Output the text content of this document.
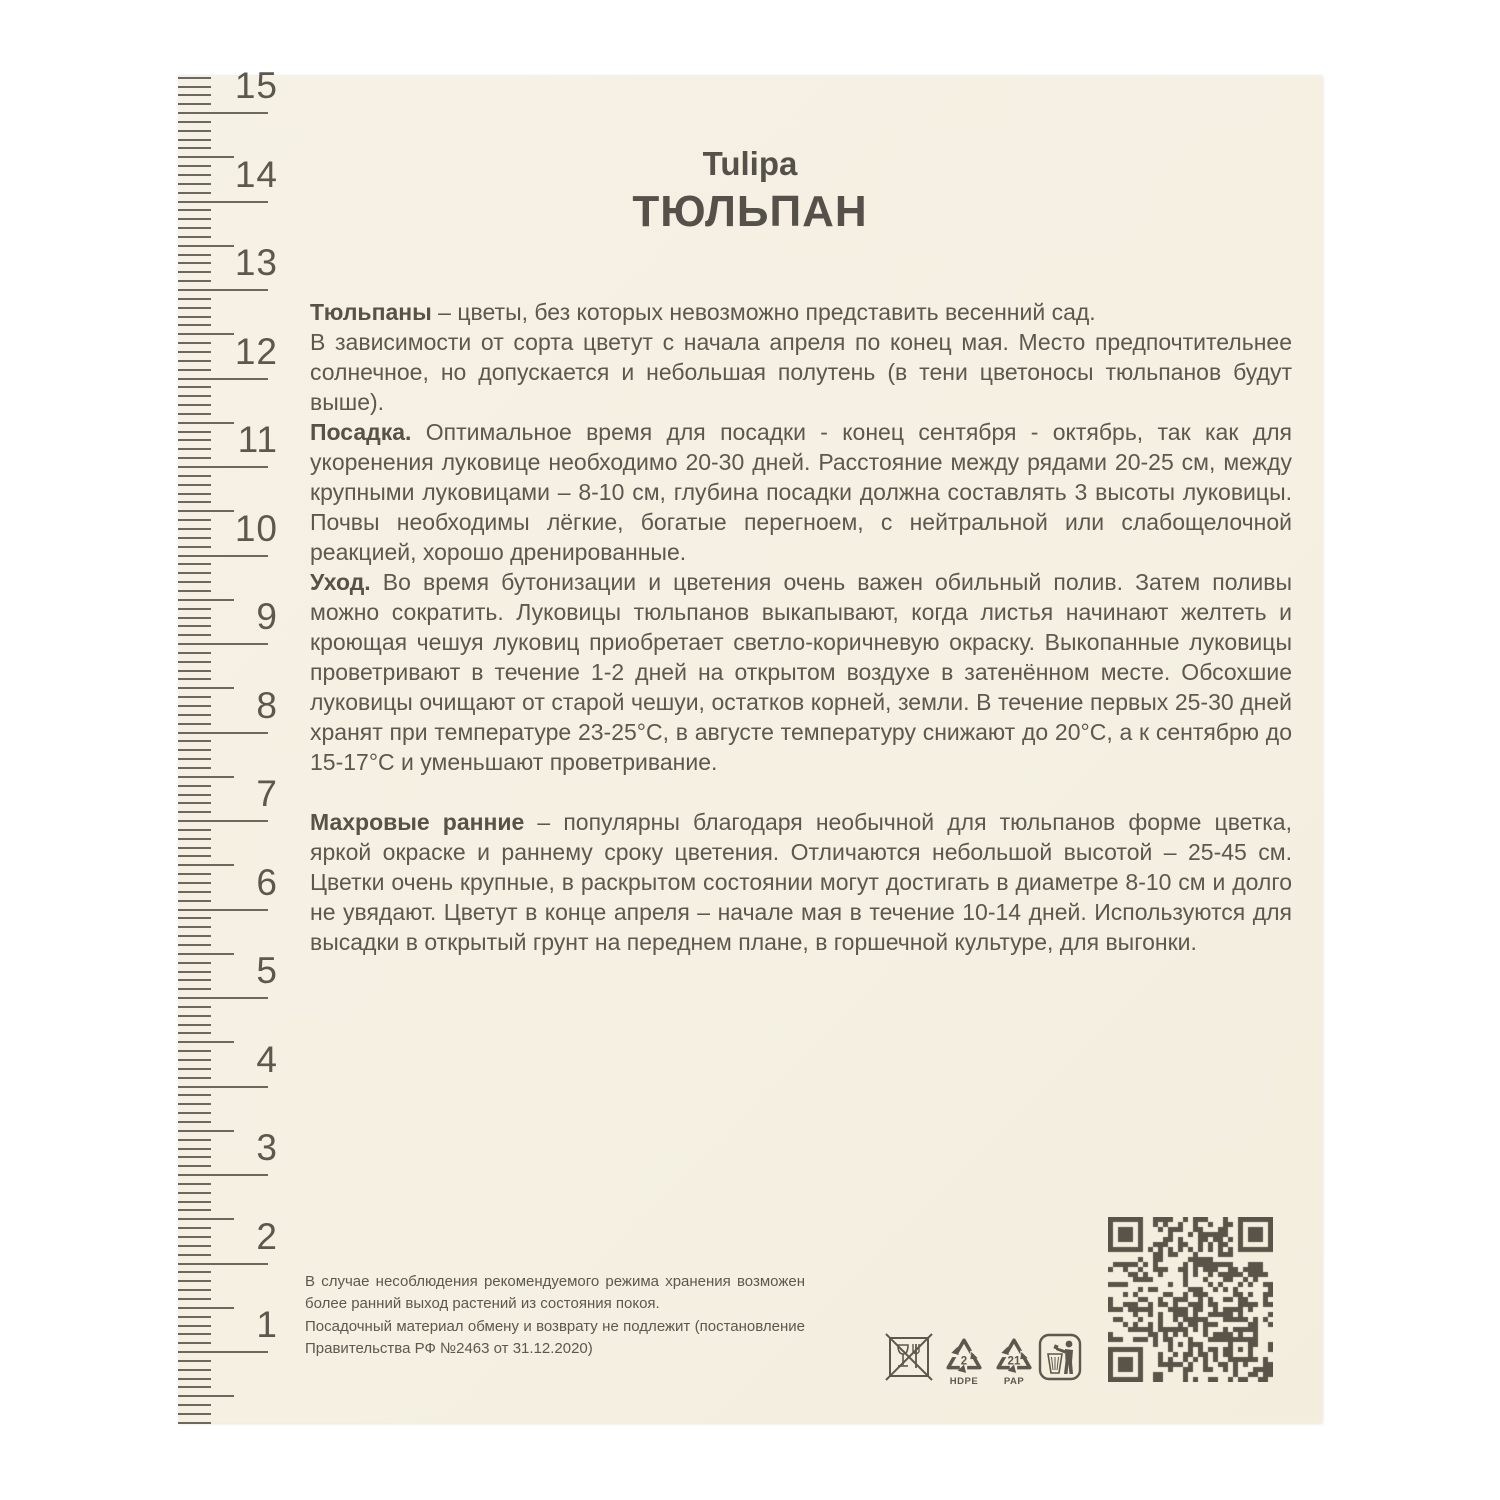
15
14
13
12
11
10
9
8
7
6
5
4
3
2
1
Tulipa
ТЮЛЬПАН

Тюльпаны – цветы, без которых невозможно представить весенний сад.

В зависимости от сорта цветут с начала апреля по конец мая. Место предпочтительнее солнечное, но допускается и небольшая полутень (в тени цветоносы тюльпанов будут выше).

Посадка. Оптимальное время для посадки - конец сентября - октябрь, так как для укоренения луковице необходимо 20-30 дней. Расстояние между рядами 20-25 см, между крупными луковицами – 8-10 см, глубина посадки должна составлять 3 высоты луковицы. Почвы необходимы лёгкие, богатые перегноем, с нейтральной или слабощелочной реакцией, хорошо дренированные.

Уход. Во время бутонизации и цветения очень важен обильный полив. Затем поливы можно сократить. Луковицы тюльпанов выкапывают, когда листья начинают желтеть и кроющая чешуя луковиц приобретает светло-коричневую окраску. Выкопанные луковицы проветривают в течение 1-2 дней на открытом воздухе в затенённом месте. Обсохшие луковицы очищают от старой чешуи, остатков корней, земли. В течение первых 25-30 дней хранят при температуре 23-25°С, в августе температуру снижают до 20°С, а к сентябрю до 15-17°С и уменьшают проветривание.

Махровые ранние – популярны благодаря необычной для тюльпанов форме цветка, яркой окраске и раннему сроку цветения. Отличаются небольшой высотой – 25-45 см. Цветки очень крупные, в раскрытом состоянии могут достигать в диаметре 8-10 см и долго не увядают. Цветут в конце апреля – начале мая в течение 10-14 дней. Используются для высадки в открытый грунт на переднем плане, в горшечной культуре, для выгонки.

В случае несоблюдения рекомендуемого режима хранения возможен более ранний выход растений из состояния покоя.

Посадочный материал обмену и возврату не подлежит (постановление Правительства РФ №2463 от 31.12.2020)

2
HDPE
21
PAP
